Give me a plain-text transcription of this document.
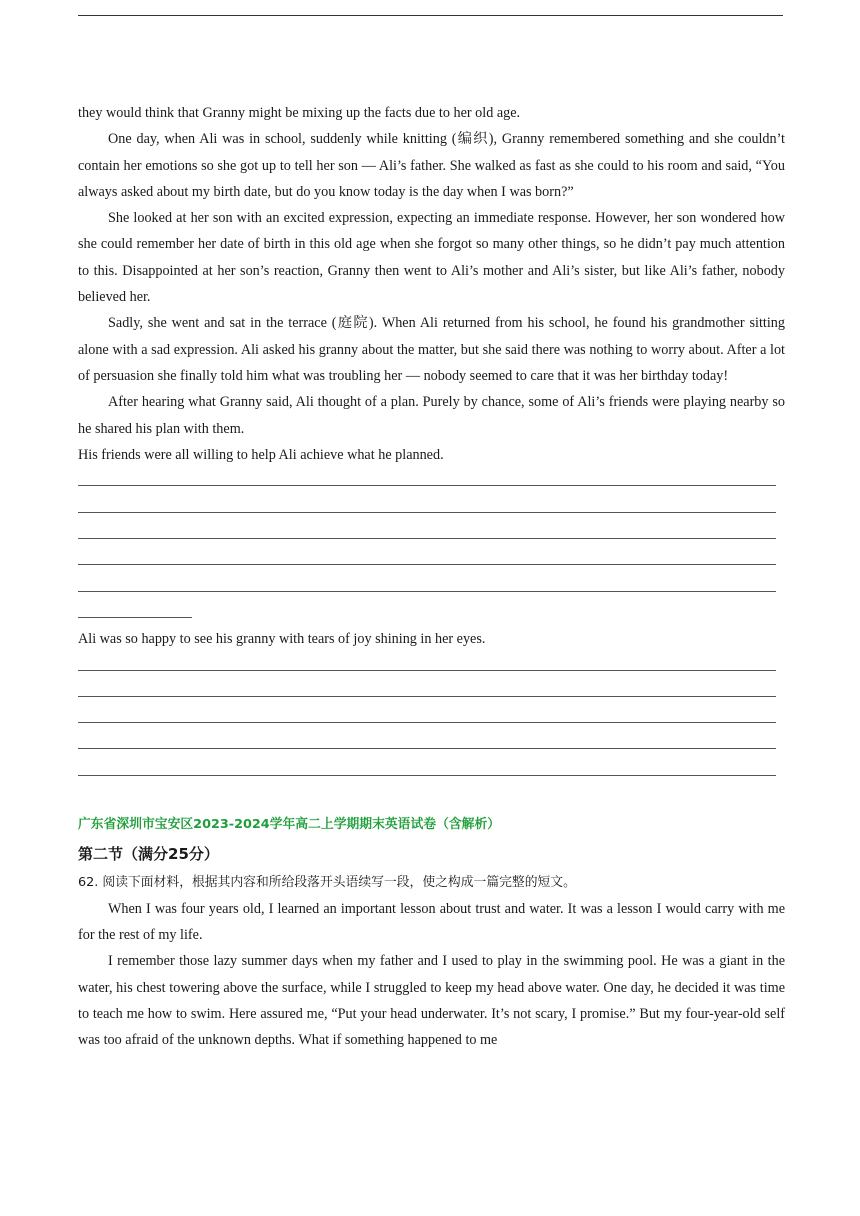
they would think that Granny might be mixing up the facts due to her old age.

One day, when Ali was in school, suddenly while knitting (编织), Granny remembered something and she couldn’t contain her emotions so she got up to tell her son — Ali’s father. She walked as fast as she could to his room and said, “You always asked about my birth date, but do you know today is the day when I was born?”

She looked at her son with an excited expression, expecting an immediate response. However, her son wondered how she could remember her date of birth in this old age when she forgot so many other things, so he didn’t pay much attention to this. Disappointed at her son’s reaction, Granny then went to Ali’s mother and Ali’s sister, but like Ali’s father, nobody believed her.

Sadly, she went and sat in the terrace (庭院). When Ali returned from his school, he found his grandmother sitting alone with a sad expression. Ali asked his granny about the matter, but she said there was nothing to worry about. After a lot of persuasion she finally told him what was troubling her — nobody seemed to care that it was her birthday today!

After hearing what Granny said, Ali thought of a plan. Purely by chance, some of Ali’s friends were playing nearby so he shared his plan with them.

His friends were all willing to help Ali achieve what he planned.

Ali was so happy to see his granny with tears of joy shining in her eyes.

广东省深圳市宝安区2023-2024学年高二上学期期末英语试卷（含解析）

第二节（满分25分）

62. 阅读下面材料，根据其内容和所给段落开头语续写一段，使之构成一篇完整的短文。

When I was four years old, I learned an important lesson about trust and water. It was a lesson I would carry with me for the rest of my life.

I remember those lazy summer days when my father and I used to play in the swimming pool. He was a giant in the water, his chest towering above the surface, while I struggled to keep my head above water. One day, he decided it was time to teach me how to swim. Here assured me, “Put your head underwater. It’s not scary, I promise.” But my four-year-old self was too afraid of the unknown depths. What if something happened to me
